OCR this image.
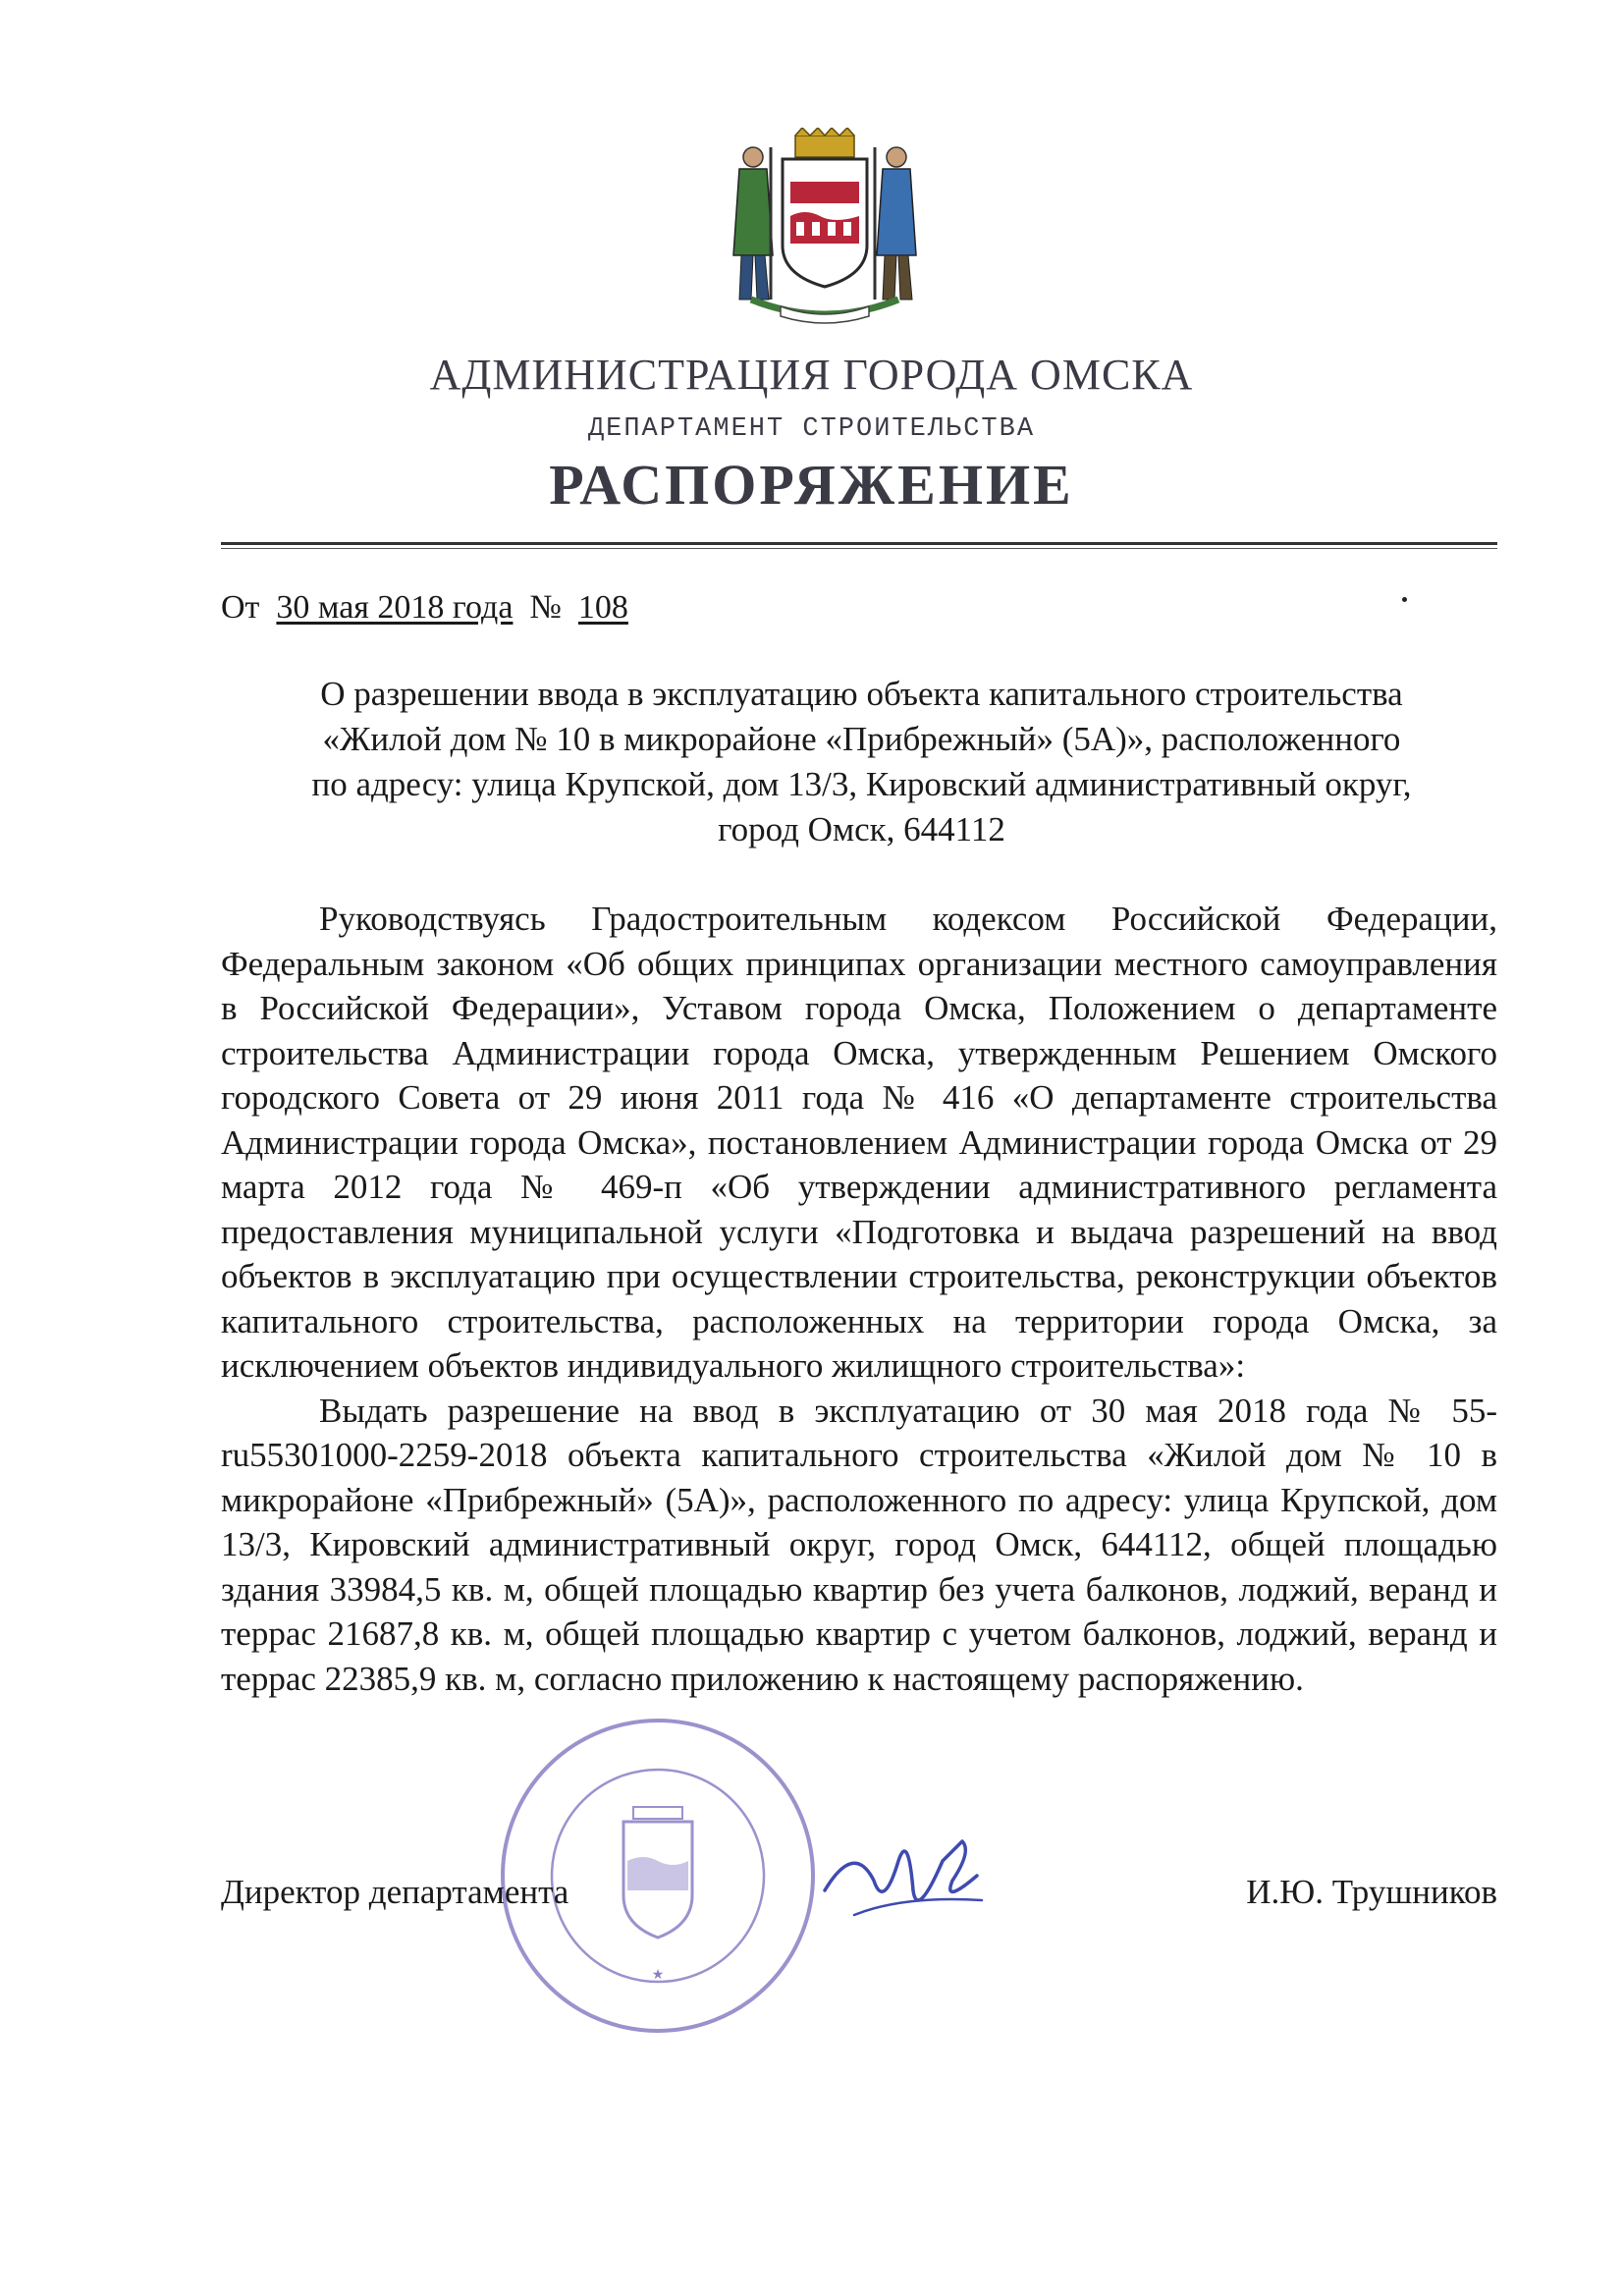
АДМИНИСТРАЦИЯ ГОРОДА ОМСКА
ДЕПАРТАМЕНТ СТРОИТЕЛЬСТВА
РАСПОРЯЖЕНИЕ
От 30 мая 2018 года № 108
О разрешении ввода в эксплуатацию объекта капитального строительства
«Жилой дом № 10 в микрорайоне «Прибрежный» (5А)», расположенного
по адресу: улица Крупской, дом 13/3, Кировский административный округ,
город Омск, 644112

Руководствуясь Градостроительным кодексом Российской Федерации, Федеральным законом «Об общих принципах организации местного самоуправления в Российской Федерации», Уставом города Омска, Положением о департаменте строительства Администрации города Омска, утвержденным Решением Омского городского Совета от 29 июня 2011 года № 416 «О департаменте строительства Администрации города Омска», постановлением Администрации города Омска от 29 марта 2012 года № 469-п «Об утверждении административного регламента предоставления муниципальной услуги «Подготовка и выдача разрешений на ввод объектов в эксплуатацию при осуществлении строительства, реконструкции объектов капитального строительства, расположенных на территории города Омска, за исключением объектов индивидуального жилищного строительства»:

Выдать разрешение на ввод в эксплуатацию от 30 мая 2018 года № 55-ru55301000-2259-2018 объекта капитального строительства «Жилой дом № 10 в микрорайоне «Прибрежный» (5А)», расположенного по адресу: улица Крупской, дом 13/3, Кировский административный округ, город Омск, 644112, общей площадью здания 33984,5 кв. м, общей площадью квартир без учета балконов, лоджий, веранд и террас 21687,8 кв. м, общей площадью квартир с учетом балконов, лоджий, веранд и террас 22385,9 кв. м, согласно приложению к настоящему распоряжению.

★
Директор департамента	И.Ю. Трушников
